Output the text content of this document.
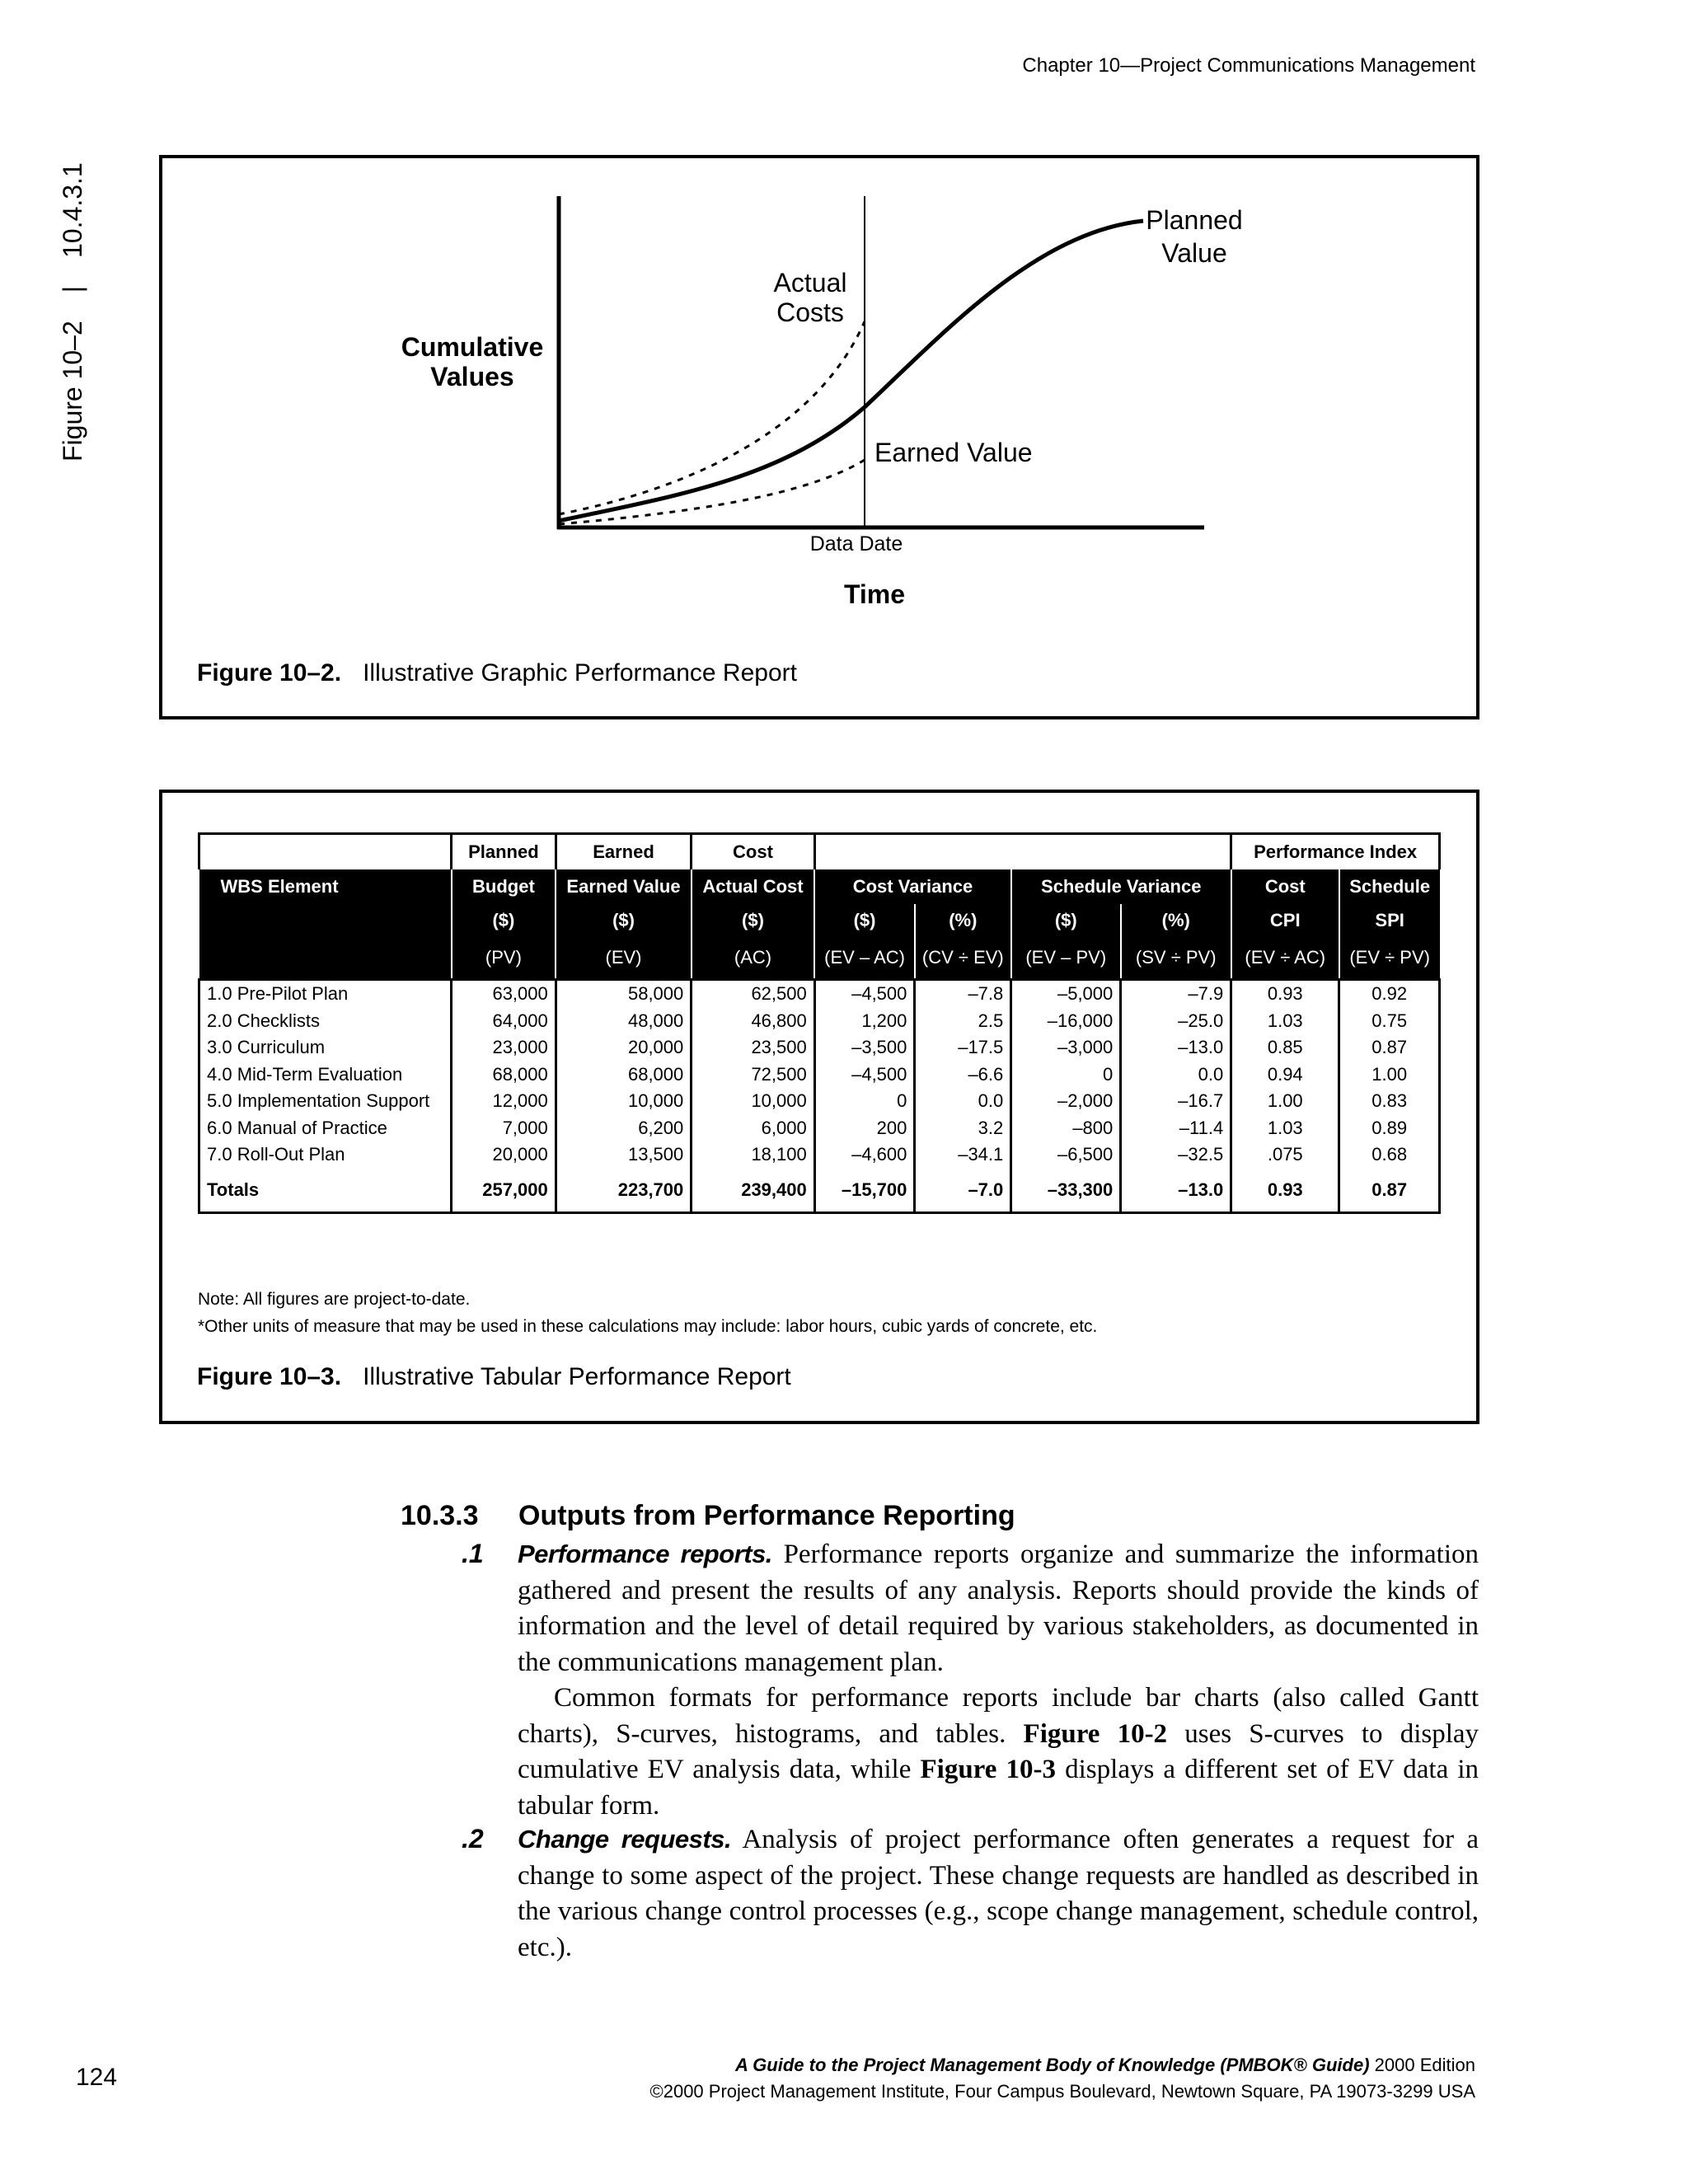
Chapter 10—Project Communications Management
Figure 10–2|10.4.3.1
Cumulative
Values
Planned
Value
Actual
Costs
Earned Value
Data Date
Time
Figure 10–2. Illustrative Graphic Performance Report
	Planned	Earned	Cost					Performance Index	
WBS Element	Budget	Earned Value	Actual Cost	Cost Variance		Schedule Variance		Cost	Schedule
	($)	($)	($)	($)	(%)	($)	(%)	CPI	SPI
	(PV)	(EV)	(AC)	(EV – AC)	(CV ÷ EV)	(EV – PV)	(SV ÷ PV)	(EV ÷ AC)	(EV ÷ PV)
1.0 Pre-Pilot Plan	63,000	58,000	62,500	–4,500	–7.8	–5,000	–7.9	0.93	0.92
2.0 Checklists	64,000	48,000	46,800	1,200	2.5	–16,000	–25.0	1.03	0.75
3.0 Curriculum	23,000	20,000	23,500	–3,500	–17.5	–3,000	–13.0	0.85	0.87
4.0 Mid-Term Evaluation	68,000	68,000	72,500	–4,500	–6.6	0	0.0	0.94	1.00
5.0 Implementation Support	12,000	10,000	10,000	0	0.0	–2,000	–16.7	1.00	0.83
6.0 Manual of Practice	7,000	6,200	6,000	200	3.2	–800	–11.4	1.03	0.89
7.0 Roll-Out Plan	20,000	13,500	18,100	–4,600	–34.1	–6,500	–32.5	.075	0.68
Totals	257,000	223,700	239,400	–15,700	–7.0	–33,300	–13.0	0.93	0.87
Note: All figures are project-to-date.
*Other units of measure that may be used in these calculations may include: labor hours, cubic yards of concrete, etc.
Figure 10–3. Illustrative Tabular Performance Report
10.3.3 Outputs from Performance Reporting
.1 Performance reports. Performance reports organize and summarize the information gathered and present the results of any analysis. Reports should provide the kinds of information and the level of detail required by various stakeholders, as documented in the communications management plan.
Common formats for performance reports include bar charts (also called Gantt charts), S-curves, histograms, and tables. Figure 10-2 uses S-curves to display cumulative EV analysis data, while Figure 10-3 displays a different set of EV data in tabular form.
.2 Change requests. Analysis of project performance often generates a request for a change to some aspect of the project. These change requests are handled as described in the various change control processes (e.g., scope change management, schedule control, etc.).
124	A Guide to the Project Management Body of Knowledge (PMBOK® Guide) 2000 Edition
©2000 Project Management Institute, Four Campus Boulevard, Newtown Square, PA 19073-3299 USA
